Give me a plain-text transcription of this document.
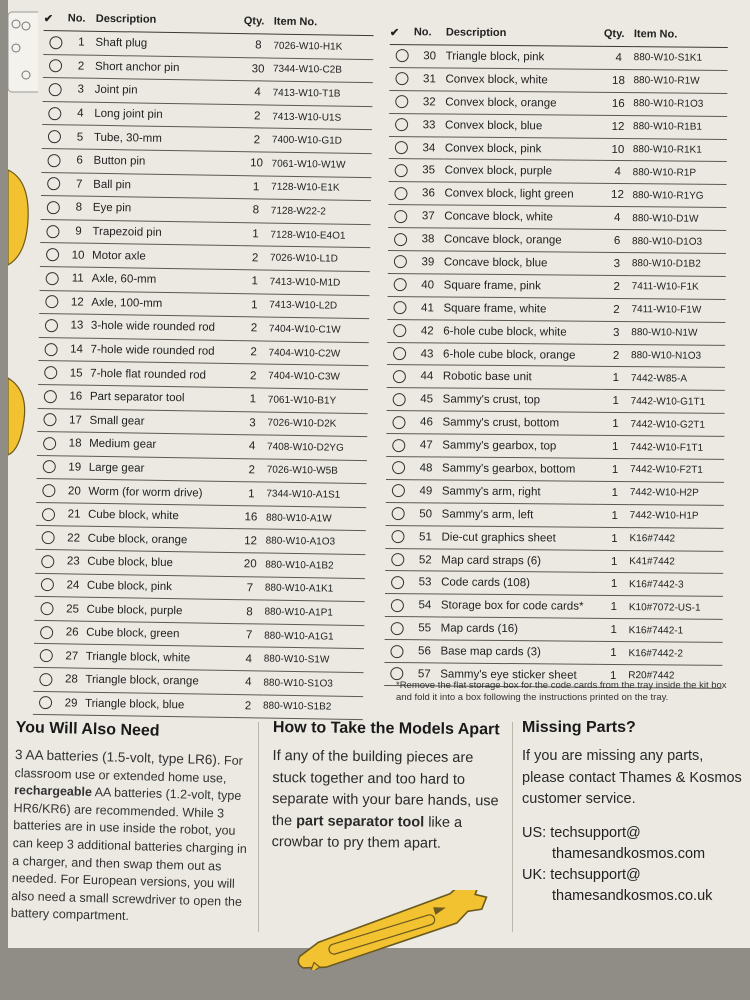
✔	No.	Description	Qty.	Item No.
	1	Shaft plug	8	7026-W10-H1K
	2	Short anchor pin	30	7344-W10-C2B
	3	Joint pin	4	7413-W10-T1B
	4	Long joint pin	2	7413-W10-U1S
	5	Tube, 30-mm	2	7400-W10-G1D
	6	Button pin	10	7061-W10-W1W
	7	Ball pin	1	7128-W10-E1K
	8	Eye pin	8	7128-W22-2
	9	Trapezoid pin	1	7128-W10-E4O1
	10	Motor axle	2	7026-W10-L1D
	11	Axle, 60-mm	1	7413-W10-M1D
	12	Axle, 100-mm	1	7413-W10-L2D
	13	3-hole wide rounded rod	2	7404-W10-C1W
	14	7-hole wide rounded rod	2	7404-W10-C2W
	15	7-hole flat rounded rod	2	7404-W10-C3W
	16	Part separator tool	1	7061-W10-B1Y
	17	Small gear	3	7026-W10-D2K
	18	Medium gear	4	7408-W10-D2YG
	19	Large gear	2	7026-W10-W5B
	20	Worm (for worm drive)	1	7344-W10-A1S1
	21	Cube block, white	16	880-W10-A1W
	22	Cube block, orange	12	880-W10-A1O3
	23	Cube block, blue	20	880-W10-A1B2
	24	Cube block, pink	7	880-W10-A1K1
	25	Cube block, purple	8	880-W10-A1P1
	26	Cube block, green	7	880-W10-A1G1
	27	Triangle block, white	4	880-W10-S1W
	28	Triangle block, orange	4	880-W10-S1O3
	29	Triangle block, blue	2	880-W10-S1B2
✔	No.	Description	Qty.	Item No.
	30	Triangle block, pink	4	880-W10-S1K1
	31	Convex block, white	18	880-W10-R1W
	32	Convex block, orange	16	880-W10-R1O3
	33	Convex block, blue	12	880-W10-R1B1
	34	Convex block, pink	10	880-W10-R1K1
	35	Convex block, purple	4	880-W10-R1P
	36	Convex block, light green	12	880-W10-R1YG
	37	Concave block, white	4	880-W10-D1W
	38	Concave block, orange	6	880-W10-D1O3
	39	Concave block, blue	3	880-W10-D1B2
	40	Square frame, pink	2	7411-W10-F1K
	41	Square frame, white	2	7411-W10-F1W
	42	6-hole cube block, white	3	880-W10-N1W
	43	6-hole cube block, orange	2	880-W10-N1O3
	44	Robotic base unit	1	7442-W85-A
	45	Sammy's crust, top	1	7442-W10-G1T1
	46	Sammy's crust, bottom	1	7442-W10-G2T1
	47	Sammy's gearbox, top	1	7442-W10-F1T1
	48	Sammy's gearbox, bottom	1	7442-W10-F2T1
	49	Sammy's arm, right	1	7442-W10-H2P
	50	Sammy's arm, left	1	7442-W10-H1P
	51	Die-cut graphics sheet	1	K16#7442
	52	Map card straps (6)	1	K41#7442
	53	Code cards (108)	1	K16#7442-3
	54	Storage box for code cards*	1	K10#7072-US-1
	55	Map cards (16)	1	K16#7442-1
	56	Base map cards (3)	1	K16#7442-2
	57	Sammy's eye sticker sheet	1	R20#7442
*Remove the flat storage box for the code cards from the tray inside the kit box and fold it into a box following the instructions printed on the tray.
You Will Also Need
3 AA batteries (1.5-volt, type LR6). For classroom use or extended home use, rechargeable AA batteries (1.2-volt, type HR6/KR6) are recommended. While 3 batteries are in use inside the robot, you can keep 3 additional batteries charging in a charger, and then swap them out as needed. For European versions, you will also need a small screwdriver to open the battery compartment.
How to Take the Models Apart
If any of the building pieces are stuck together and too hard to separate with your bare hands, use the part separator tool like a crowbar to pry them apart.
Missing Parts?
If you are missing any parts, please contact Thames & Kosmos customer service.
US: techsupport@
thamesandkosmos.com
UK: techsupport@
thamesandkosmos.co.uk
